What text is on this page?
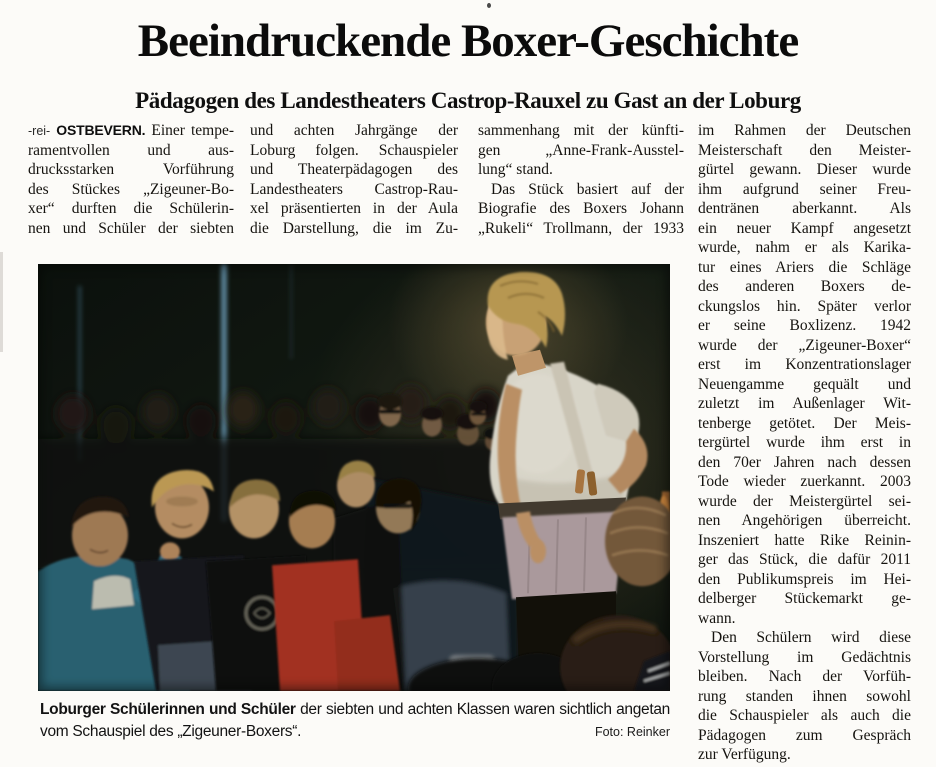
Beeindruckende Boxer-Geschichte
Pädagogen des Landestheaters Castrop-Rauxel zu Gast an der Loburg
-rei- OSTBEVERN. Einer tempe-
ramentvollen und aus-
drucksstarken Vorführung
des Stückes „Zigeuner-Bo-
xer“ durften die Schülerin-
nen und Schüler der siebten
und achten Jahrgänge der
Loburg folgen. Schauspieler
und Theaterpädagogen des
Landestheaters Castrop-Rau-
xel präsentierten in der Aula
die Darstellung, die im Zu-
sammenhang mit der künfti-
gen „Anne-Frank-Ausstel-
lung“ stand.
Das Stück basiert auf der
Biografie des Boxers Johann
„Rukeli“ Trollmann, der 1933
im Rahmen der Deutschen
Meisterschaft den Meister-
gürtel gewann. Dieser wurde
ihm aufgrund seiner Freu-
dentränen aberkannt. Als
ein neuer Kampf angesetzt
wurde, nahm er als Karika-
tur eines Ariers die Schläge
des anderen Boxers de-
ckungslos hin. Später verlor
er seine Boxlizenz. 1942
wurde der „Zigeuner-Boxer“
erst im Konzentrationslager
Neuengamme gequält und
zuletzt im Außenlager Wit-
tenberge getötet. Der Meis-
tergürtel wurde ihm erst in
den 70er Jahren nach dessen
Tode wieder zuerkannt. 2003
wurde der Meistergürtel sei-
nen Angehörigen überreicht.
Inszeniert hatte Rike Reinin-
ger das Stück, die dafür 2011
den Publikumspreis im Hei-
delberger Stückemarkt ge-
wann.
Den Schülern wird diese
Vorstellung im Gedächtnis
bleiben. Nach der Vorfüh-
rung standen ihnen sowohl
die Schauspieler als auch die
Pädagogen zum Gespräch
zur Verfügung.
Loburger Schülerinnen und Schüler der siebten und achten Klassen waren sichtlich angetan
vom Schauspiel des „Zigeuner-Boxers“.	Foto: Reinker
